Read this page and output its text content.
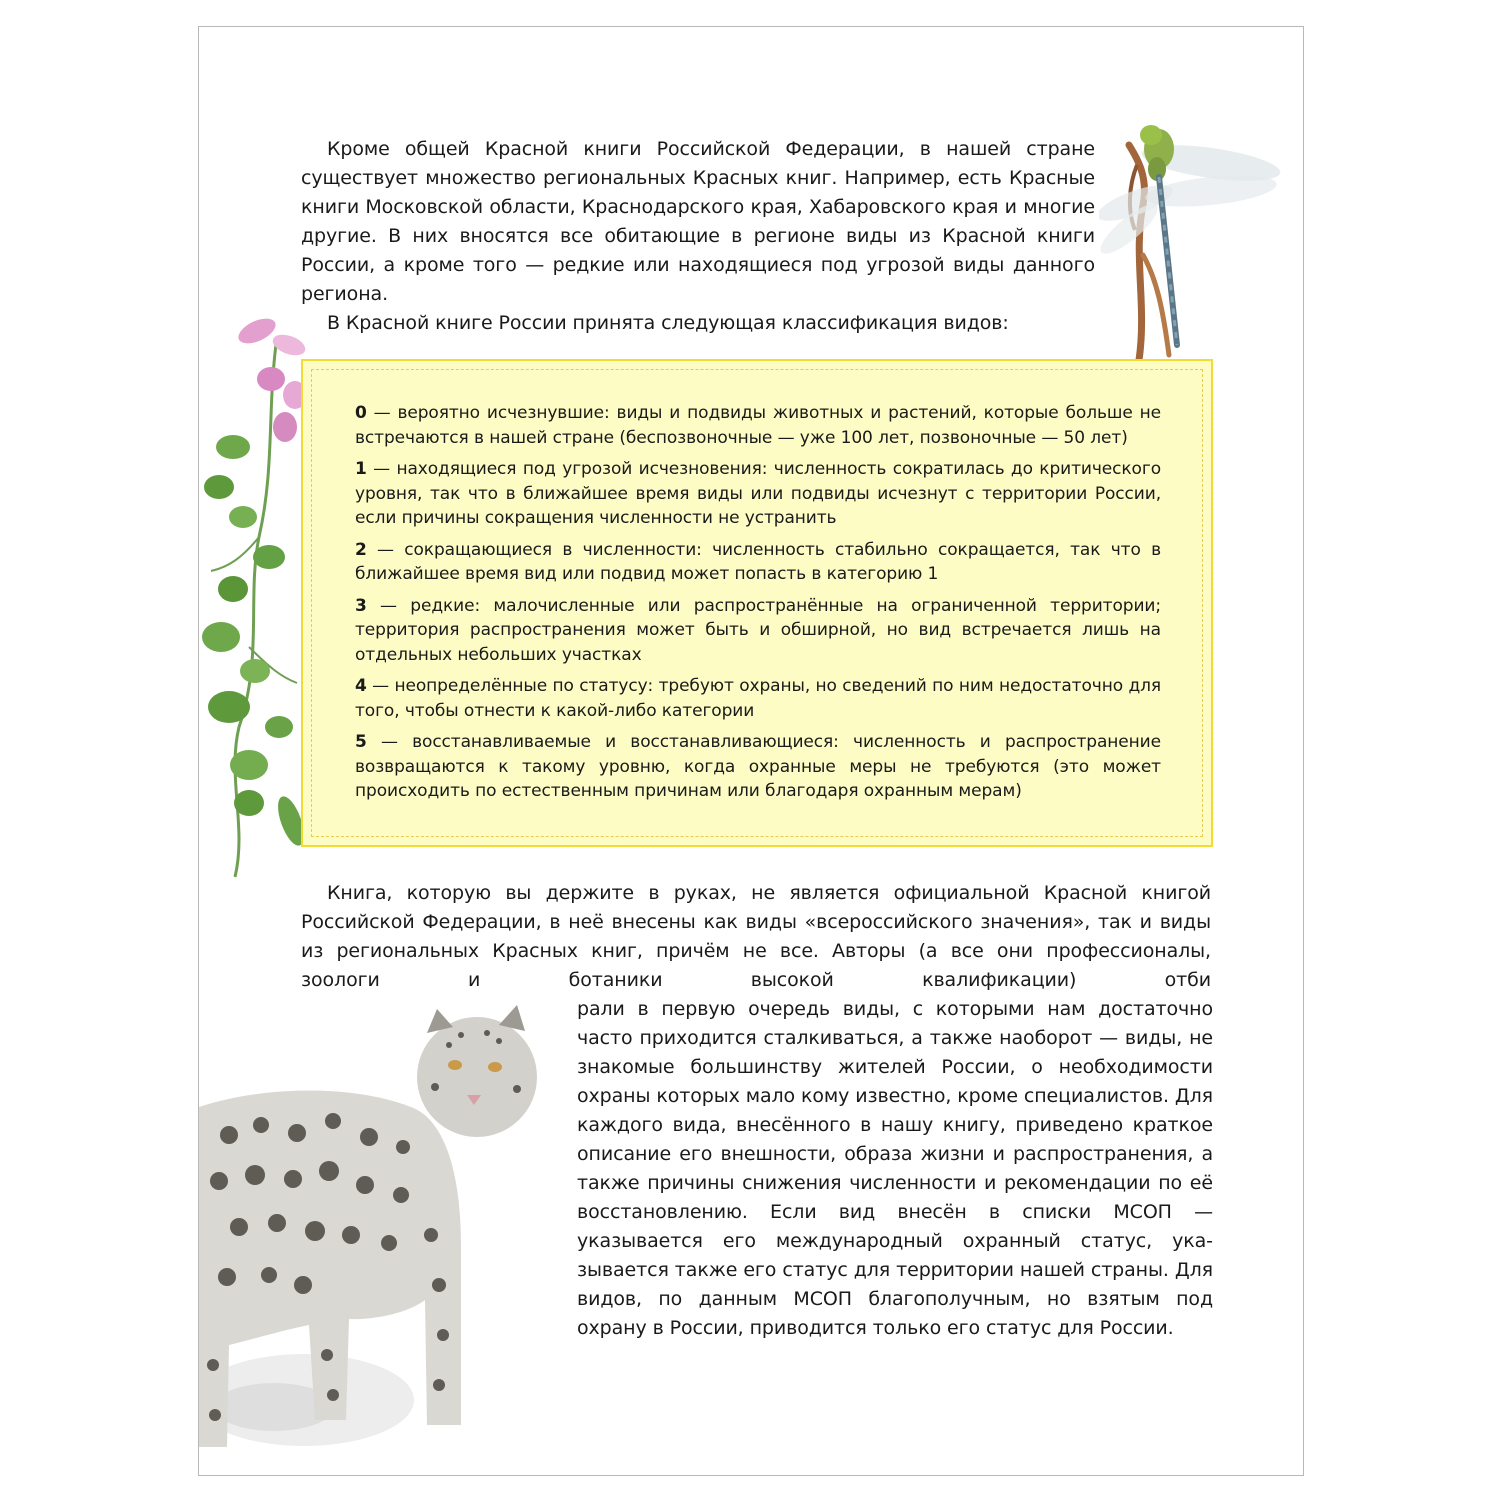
Кроме общей Красной книги Российской Федерации, в нашей стране существует множество региональных Красных книг. Например, есть Красные книги Московской области, Краснодарского края, Хабаровского края и многие другие. В них вносятся все обитающие в регионе виды из Красной книги России, а кроме того — редкие или находящиеся под угрозой виды данного региона.

В Красной книге России принята следующая классификация видов:

0 — вероятно исчезнувшие: виды и подвиды животных и растений, которые больше не встречаются в нашей стране (беспозвоночные — уже 100 лет, позвоночные — 50 лет)

1 — находящиеся под угрозой исчезновения: численность сократилась до критического уровня, так что в ближайшее время виды или подвиды исчезнут с территории России, если причины сокращения численности не устранить

2 — сокращающиеся в численности: численность стабильно сокращается, так что в ближайшее время вид или подвид может попасть в категорию 1

3 — редкие: малочисленные или распространённые на ограниченной территории; территория распространения может быть и обширной, но вид встречается лишь на отдельных небольших участках

4 — неопределённые по статусу: требуют охраны, но сведений по ним недостаточно для того, чтобы отнести к какой-либо категории

5 — восстанавливаемые и восстанавливающиеся: численность и распространение возвращаются к такому уровню, когда охранные меры не требуются (это может происходить по естественным причинам или благодаря охранным мерам)

Книга, которую вы держите в руках, не является официальной Красной книгой Российской Федерации, в неё внесены как виды «всероссийского значения», так и виды из региональных Красных книг, причём не все. Авторы (а все они профессионалы, зоологи и ботаники высокой квалификации) отби

рали в первую очередь виды, с которыми нам достаточно часто приходится сталкиваться, а также наоборот — виды, не знакомые большинству жителей России, о необходимости охраны которых мало кому известно, кроме специалистов. Для каждого вида, внесённого в нашу книгу, приведено краткое описание его внешности, образа жизни и распространения, а также причины снижения численности и рекомендации по её восстановлению. Если вид внесён в списки МСОП — указывается его международный охранный статус, указывается также его статус для территории нашей страны. Для видов, по данным МСОП благополучным, но взятым под охрану в России, приводится только его статус для России.
